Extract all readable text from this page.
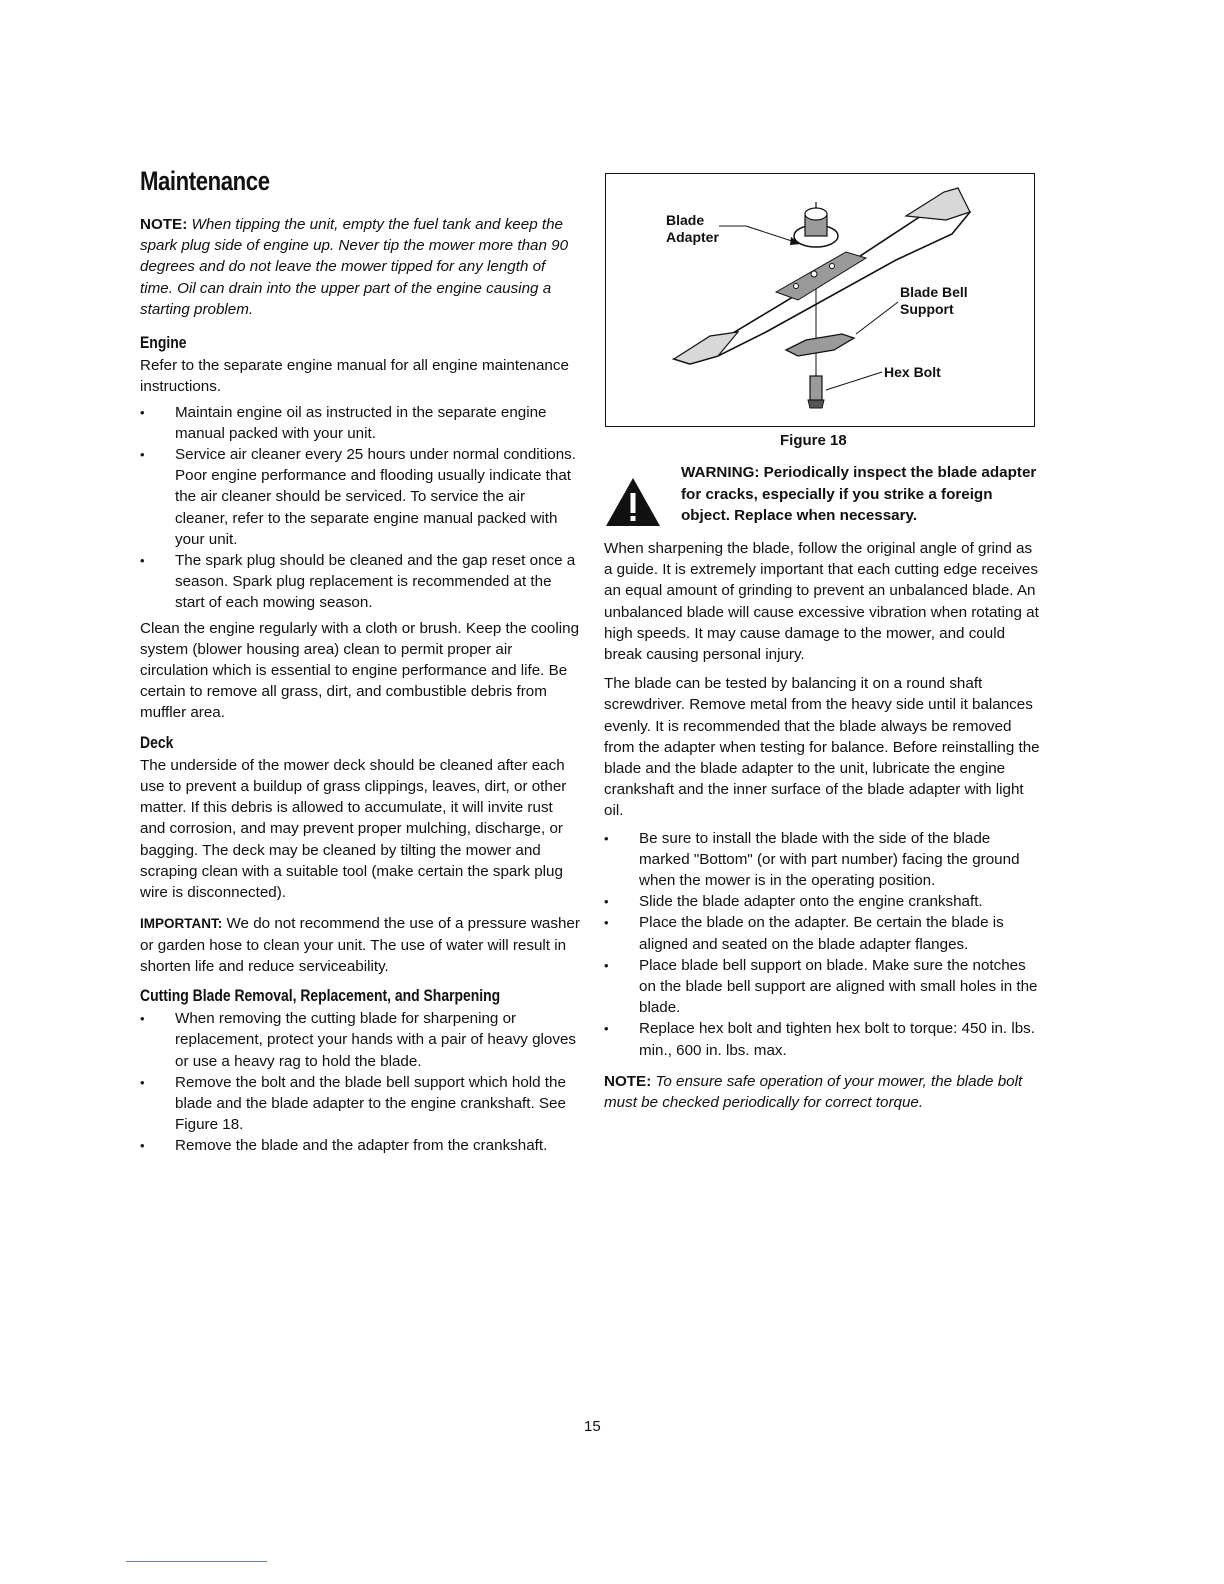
Maintenance

NOTE: When tipping the unit, empty the fuel tank and keep the spark plug side of engine up. Never tip the mower more than 90 degrees and do not leave the mower tipped for any length of time. Oil can drain into the upper part of the engine causing a starting problem.

Engine

Refer to the separate engine manual for all engine maintenance instructions.

• Maintain engine oil as instructed in the separate engine manual packed with your unit.
• Service air cleaner every 25 hours under normal conditions. Poor engine performance and flooding usually indicate that the air cleaner should be serviced. To service the air cleaner, refer to the separate engine manual packed with your unit.
• The spark plug should be cleaned and the gap reset once a season. Spark plug replacement is recommended at the start of each mowing season.

Clean the engine regularly with a cloth or brush. Keep the cooling system (blower housing area) clean to permit proper air circulation which is essential to engine performance and life. Be certain to remove all grass, dirt, and combustible debris from muffler area.

Deck

The underside of the mower deck should be cleaned after each use to prevent a buildup of grass clippings, leaves, dirt, or other matter. If this debris is allowed to accumulate, it will invite rust and corrosion, and may prevent proper mulching, discharge, or bagging. The deck may be cleaned by tilting the mower and scraping clean with a suitable tool (make certain the spark plug wire is disconnected).

IMPORTANT: We do not recommend the use of a pressure washer or garden hose to clean your unit. The use of water will result in shorten life and reduce serviceability.

Cutting Blade Removal, Replacement, and Sharpening
• When removing the cutting blade for sharpening or replacement, protect your hands with a pair of heavy gloves or use a heavy rag to hold the blade.
• Remove the bolt and the blade bell support which hold the blade and the blade adapter to the engine crankshaft. See Figure 18.
• Remove the blade and the adapter from the crankshaft.
Blade
Adapter
Blade Bell
Support
Hex Bolt
Figure 18
WARNING: Periodically inspect the blade adapter for cracks, especially if you strike a foreign object. Replace when necessary.

When sharpening the blade, follow the original angle of grind as a guide. It is extremely important that each cutting edge receives an equal amount of grinding to prevent an unbalanced blade. An unbalanced blade will cause excessive vibration when rotating at high speeds. It may cause damage to the mower, and could break causing personal injury.

The blade can be tested by balancing it on a round shaft screwdriver. Remove metal from the heavy side until it balances evenly. It is recommended that the blade always be removed from the adapter when testing for balance. Before reinstalling the blade and the blade adapter to the unit, lubricate the engine crankshaft and the inner surface of the blade adapter with light oil.

• Be sure to install the blade with the side of the blade marked "Bottom" (or with part number) facing the ground when the mower is in the operating position.
• Slide the blade adapter onto the engine crankshaft.
• Place the blade on the adapter. Be certain the blade is aligned and seated on the blade adapter flanges.
• Place blade bell support on blade. Make sure the notches on the blade bell support are aligned with small holes in the blade.
• Replace hex bolt and tighten hex bolt to torque: 450 in. lbs. min., 600 in. lbs. max.

NOTE: To ensure safe operation of your mower, the blade bolt must be checked periodically for correct torque.

15
